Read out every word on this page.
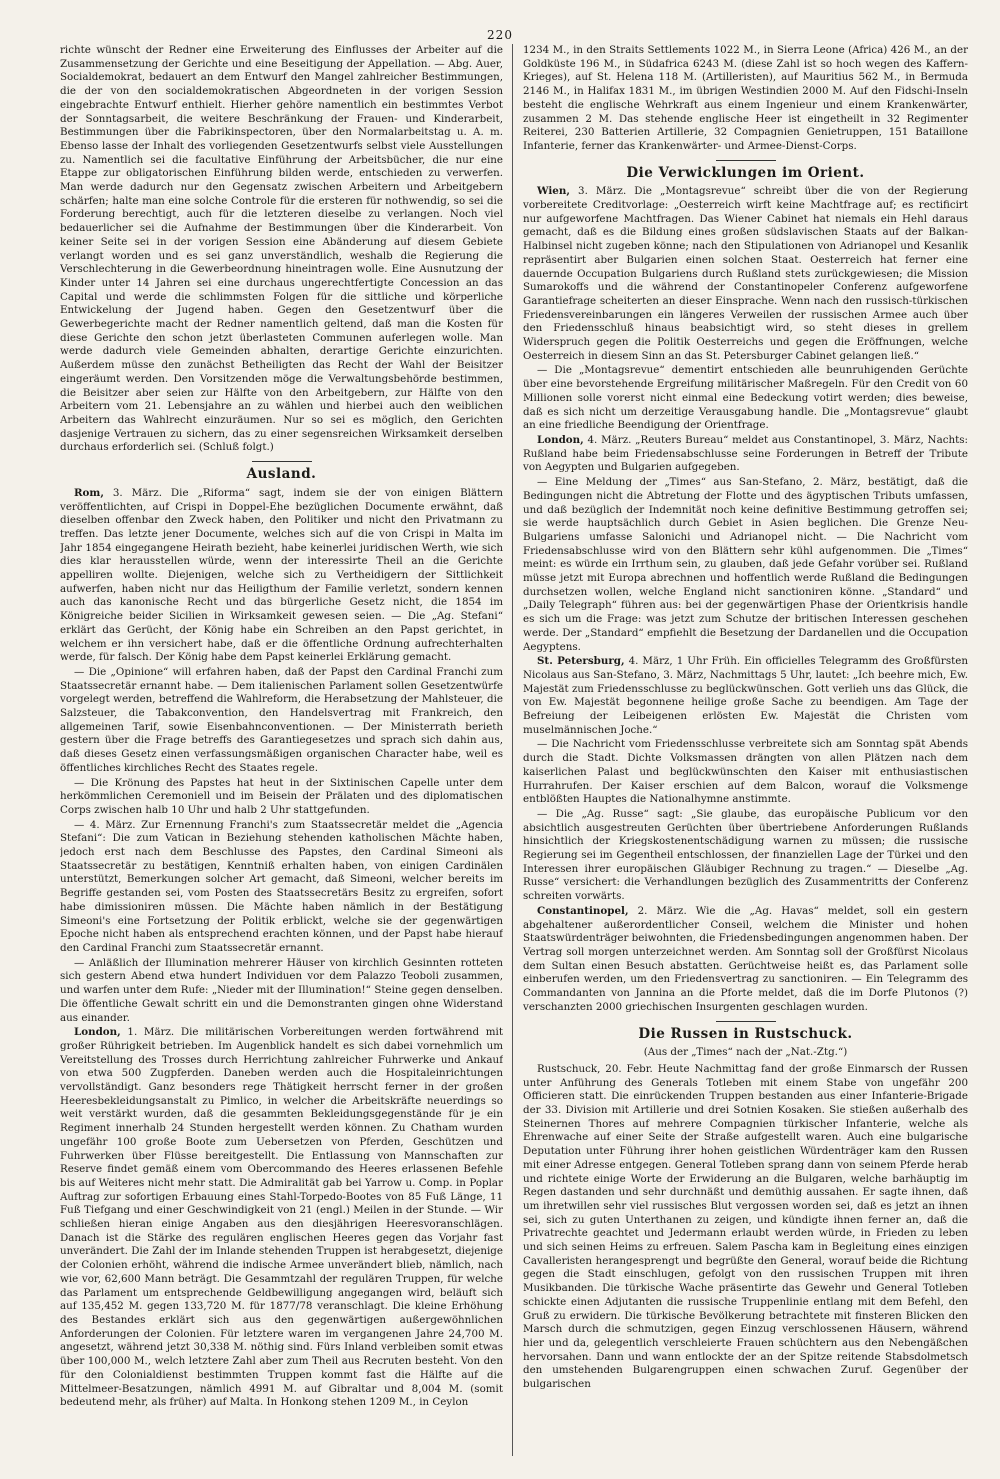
220

richte wünscht der Redner eine Erweiterung des Einflusses der Arbeiter auf die Zusammensetzung der Gerichte und eine Beseitigung der Appellation. — Abg. Auer, Socialdemokrat, bedauert an dem Entwurf den Mangel zahlreicher Bestimmungen, die der von den socialdemokratischen Abgeordneten in der vorigen Session eingebrachte Entwurf enthielt. Hierher gehöre namentlich ein bestimmtes Verbot der Sonntagsarbeit, die weitere Beschränkung der Frauen- und Kinderarbeit, Bestimmungen über die Fabrikinspectoren, über den Normalarbeitstag u. A. m. Ebenso lasse der Inhalt des vorliegenden Gesetzentwurfs selbst viele Ausstellungen zu. Namentlich sei die facultative Einführung der Arbeitsbücher, die nur eine Etappe zur obligatorischen Einführung bilden werde, entschieden zu verwerfen. Man werde dadurch nur den Gegensatz zwischen Arbeitern und Arbeitgebern schärfen; halte man eine solche Controle für die ersteren für nothwendig, so sei die Forderung berechtigt, auch für die letzteren dieselbe zu verlangen. Noch viel bedauerlicher sei die Aufnahme der Bestimmungen über die Kinderarbeit. Von keiner Seite sei in der vorigen Session eine Abänderung auf diesem Gebiete verlangt worden und es sei ganz unverständlich, weshalb die Regierung die Verschlechterung in die Gewerbeordnung hineintragen wolle. Eine Ausnutzung der Kinder unter 14 Jahren sei eine durchaus ungerechtfertigte Concession an das Capital und werde die schlimmsten Folgen für die sittliche und körperliche Entwickelung der Jugend haben. Gegen den Gesetzentwurf über die Gewerbegerichte macht der Redner namentlich geltend, daß man die Kosten für diese Gerichte den schon jetzt überlasteten Communen auferlegen wolle. Man werde dadurch viele Gemeinden abhalten, derartige Gerichte einzurichten. Außerdem müsse den zunächst Betheiligten das Recht der Wahl der Beisitzer eingeräumt werden. Den Vorsitzenden möge die Verwaltungsbehörde bestimmen, die Beisitzer aber seien zur Hälfte von den Arbeitgebern, zur Hälfte von den Arbeitern vom 21. Lebensjahre an zu wählen und hierbei auch den weiblichen Arbeitern das Wahlrecht einzuräumen. Nur so sei es möglich, den Gerichten dasjenige Vertrauen zu sichern, das zu einer segensreichen Wirksamkeit derselben durchaus erforderlich sei. (Schluß folgt.)

Ausland.

Rom, 3. März. Die „Riforma“ sagt, indem sie der von einigen Blättern veröffentlichten, auf Crispi in Doppel-Ehe bezüglichen Documente erwähnt, daß dieselben offenbar den Zweck haben, den Politiker und nicht den Privatmann zu treffen. Das letzte jener Documente, welches sich auf die von Crispi in Malta im Jahr 1854 eingegangene Heirath bezieht, habe keinerlei juridischen Werth, wie sich dies klar herausstellen würde, wenn der interessirte Theil an die Gerichte appelliren wollte. Diejenigen, welche sich zu Vertheidigern der Sittlichkeit aufwerfen, haben nicht nur das Heiligthum der Familie verletzt, sondern kennen auch das kanonische Recht und das bürgerliche Gesetz nicht, die 1854 im Königreiche beider Sicilien in Wirksamkeit gewesen seien. — Die „Ag. Stefani“ erklärt das Gerücht, der König habe ein Schreiben an den Papst gerichtet, in welchem er ihn versichert habe, daß er die öffentliche Ordnung aufrechterhalten werde, für falsch. Der König habe dem Papst keinerlei Erklärung gemacht.

— Die „Opinione“ will erfahren haben, daß der Papst den Cardinal Franchi zum Staatssecretär ernannt habe. — Dem italienischen Parlament sollen Gesetzentwürfe vorgelegt werden, betreffend die Wahlreform, die Herabsetzung der Mahlsteuer, die Salzsteuer, die Tabakconvention, den Handelsvertrag mit Frankreich, den allgemeinen Tarif, sowie Eisenbahnconventionen. — Der Ministerrath berieth gestern über die Frage betreffs des Garantiegesetzes und sprach sich dahin aus, daß dieses Gesetz einen verfassungsmäßigen organischen Character habe, weil es öffentliches kirchliches Recht des Staates regele.

— Die Krönung des Papstes hat heut in der Sixtinischen Capelle unter dem herkömmlichen Ceremoniell und im Beisein der Prälaten und des diplomatischen Corps zwischen halb 10 Uhr und halb 2 Uhr stattgefunden.

— 4. März. Zur Ernennung Franchi's zum Staatssecretär meldet die „Agencia Stefani“: Die zum Vatican in Beziehung stehenden katholischen Mächte haben, jedoch erst nach dem Beschlusse des Papstes, den Cardinal Simeoni als Staatssecretär zu bestätigen, Kenntniß erhalten haben, von einigen Cardinälen unterstützt, Bemerkungen solcher Art gemacht, daß Simeoni, welcher bereits im Begriffe gestanden sei, vom Posten des Staatssecretärs Besitz zu ergreifen, sofort habe dimissioniren müssen. Die Mächte haben nämlich in der Bestätigung Simeoni's eine Fortsetzung der Politik erblickt, welche sie der gegenwärtigen Epoche nicht haben als entsprechend erachten können, und der Papst habe hierauf den Cardinal Franchi zum Staatssecretär ernannt.

— Anläßlich der Illumination mehrerer Häuser von kirchlich Gesinnten rotteten sich gestern Abend etwa hundert Individuen vor dem Palazzo Teoboli zusammen, und warfen unter dem Rufe: „Nieder mit der Illumination!“ Steine gegen denselben. Die öffentliche Gewalt schritt ein und die Demonstranten gingen ohne Widerstand aus einander.

London, 1. März. Die militärischen Vorbereitungen werden fortwährend mit großer Rührigkeit betrieben. Im Augenblick handelt es sich dabei vornehmlich um Vereitstellung des Trosses durch Herrichtung zahlreicher Fuhrwerke und Ankauf von etwa 500 Zugpferden. Daneben werden auch die Hospitaleinrichtungen vervollständigt. Ganz besonders rege Thätigkeit herrscht ferner in der großen Heeresbekleidungsanstalt zu Pimlico, in welcher die Arbeitskräfte neuerdings so weit verstärkt wurden, daß die gesammten Bekleidungsgegenstände für je ein Regiment innerhalb 24 Stunden hergestellt werden können. Zu Chatham wurden ungefähr 100 große Boote zum Uebersetzen von Pferden, Geschützen und Fuhrwerken über Flüsse bereitgestellt. Die Entlassung von Mannschaften zur Reserve findet gemäß einem vom Obercommando des Heeres erlassenen Befehle bis auf Weiteres nicht mehr statt. Die Admiralität gab bei Yarrow u. Comp. in Poplar Auftrag zur sofortigen Erbauung eines Stahl-Torpedo-Bootes von 85 Fuß Länge, 11 Fuß Tiefgang und einer Geschwindigkeit von 21 (engl.) Meilen in der Stunde. — Wir schließen hieran einige Angaben aus den diesjährigen Heeresvoranschlägen. Danach ist die Stärke des regulären englischen Heeres gegen das Vorjahr fast unverändert. Die Zahl der im Inlande stehenden Truppen ist herabgesetzt, diejenige der Colonien erhöht, während die indische Armee unverändert blieb, nämlich, nach wie vor, 62,600 Mann beträgt. Die Gesammtzahl der regulären Truppen, für welche das Parlament um entsprechende Geldbewilligung angegangen wird, beläuft sich auf 135,452 M. gegen 133,720 M. für 1877/78 veranschlagt. Die kleine Erhöhung des Bestandes erklärt sich aus den gegenwärtigen außergewöhnlichen Anforderungen der Colonien. Für letztere waren im vergangenen Jahre 24,700 M. angesetzt, während jetzt 30,338 M. nöthig sind. Fürs Inland verbleiben somit etwas über 100,000 M., welch letztere Zahl aber zum Theil aus Recruten besteht. Von den für den Colonialdienst bestimmten Truppen kommt fast die Hälfte auf die Mittelmeer-Besatzungen, nämlich 4991 M. auf Gibraltar und 8,004 M. (somit bedeutend mehr, als früher) auf Malta. In Honkong stehen 1209 M., in Ceylon

1234 M., in den Straits Settlements 1022 M., in Sierra Leone (Africa) 426 M., an der Goldküste 196 M., in Südafrica 6243 M. (diese Zahl ist so hoch wegen des Kaffern-Krieges), auf St. Helena 118 M. (Artilleristen), auf Mauritius 562 M., in Bermuda 2146 M., in Halifax 1831 M., im übrigen Westindien 2000 M. Auf den Fidschi-Inseln besteht die englische Wehrkraft aus einem Ingenieur und einem Krankenwärter, zusammen 2 M. Das stehende englische Heer ist eingetheilt in 32 Regimenter Reiterei, 230 Batterien Artillerie, 32 Compagnien Genietruppen, 151 Bataillone Infanterie, ferner das Krankenwärter- und Armee-Dienst-Corps.

Die Verwicklungen im Orient.

Wien, 3. März. Die „Montagsrevue“ schreibt über die von der Regierung vorbereitete Creditvorlage: „Oesterreich wirft keine Machtfrage auf; es rectificirt nur aufgeworfene Machtfragen. Das Wiener Cabinet hat niemals ein Hehl daraus gemacht, daß es die Bildung eines großen südslavischen Staats auf der Balkan-Halbinsel nicht zugeben könne; nach den Stipulationen von Adrianopel und Kesanlik repräsentirt aber Bulgarien einen solchen Staat. Oesterreich hat ferner eine dauernde Occupation Bulgariens durch Rußland stets zurückgewiesen; die Mission Sumarokoffs und die während der Constantinopeler Conferenz aufgeworfene Garantiefrage scheiterten an dieser Einsprache. Wenn nach den russisch-türkischen Friedensvereinbarungen ein längeres Verweilen der russischen Armee auch über den Friedensschluß hinaus beabsichtigt wird, so steht dieses in grellem Widerspruch gegen die Politik Oesterreichs und gegen die Eröffnungen, welche Oesterreich in diesem Sinn an das St. Petersburger Cabinet gelangen ließ.“

— Die „Montagsrevue“ dementirt entschieden alle beunruhigenden Gerüchte über eine bevorstehende Ergreifung militärischer Maßregeln. Für den Credit von 60 Millionen solle vorerst nicht einmal eine Bedeckung votirt werden; dies beweise, daß es sich nicht um derzeitige Verausgabung handle. Die „Montagsrevue“ glaubt an eine friedliche Beendigung der Orientfrage.

London, 4. März. „Reuters Bureau“ meldet aus Constantinopel, 3. März, Nachts: Rußland habe beim Friedensabschlusse seine Forderungen in Betreff der Tribute von Aegypten und Bulgarien aufgegeben.

— Eine Meldung der „Times“ aus San-Stefano, 2. März, bestätigt, daß die Bedingungen nicht die Abtretung der Flotte und des ägyptischen Tributs umfassen, und daß bezüglich der Indemnität noch keine definitive Bestimmung getroffen sei; sie werde hauptsächlich durch Gebiet in Asien beglichen. Die Grenze Neu-Bulgariens umfasse Salonichi und Adrianopel nicht. — Die Nachricht vom Friedensabschlusse wird von den Blättern sehr kühl aufgenommen. Die „Times“ meint: es würde ein Irrthum sein, zu glauben, daß jede Gefahr vorüber sei. Rußland müsse jetzt mit Europa abrechnen und hoffentlich werde Rußland die Bedingungen durchsetzen wollen, welche England nicht sanctioniren könne. „Standard“ und „Daily Telegraph“ führen aus: bei der gegenwärtigen Phase der Orientkrisis handle es sich um die Frage: was jetzt zum Schutze der britischen Interessen geschehen werde. Der „Standard“ empfiehlt die Besetzung der Dardanellen und die Occupation Aegyptens.

St. Petersburg, 4. März, 1 Uhr Früh. Ein officielles Telegramm des Großfürsten Nicolaus aus San-Stefano, 3. März, Nachmittags 5 Uhr, lautet: „Ich beehre mich, Ew. Majestät zum Friedensschlusse zu beglückwünschen. Gott verlieh uns das Glück, die von Ew. Majestät begonnene heilige große Sache zu beendigen. Am Tage der Befreiung der Leibeigenen erlösten Ew. Majestät die Christen vom muselmännischen Joche.“

— Die Nachricht vom Friedensschlusse verbreitete sich am Sonntag spät Abends durch die Stadt. Dichte Volksmassen drängten von allen Plätzen nach dem kaiserlichen Palast und beglückwünschten den Kaiser mit enthusiastischen Hurrahrufen. Der Kaiser erschien auf dem Balcon, worauf die Volksmenge entblößten Hauptes die Nationalhymne anstimmte.

— Die „Ag. Russe“ sagt: „Sie glaube, das europäische Publicum vor den absichtlich ausgestreuten Gerüchten über übertriebene Anforderungen Rußlands hinsichtlich der Kriegskostenentschädigung warnen zu müssen; die russische Regierung sei im Gegentheil entschlossen, der finanziellen Lage der Türkei und den Interessen ihrer europäischen Gläubiger Rechnung zu tragen.“ — Dieselbe „Ag. Russe“ versichert: die Verhandlungen bezüglich des Zusammentritts der Conferenz schreiten vorwärts.

Constantinopel, 2. März. Wie die „Ag. Havas“ meldet, soll ein gestern abgehaltener außerordentlicher Conseil, welchem die Minister und hohen Staatswürdenträger beiwohnten, die Friedensbedingungen angenommen haben. Der Vertrag soll morgen unterzeichnet werden. Am Sonntag soll der Großfürst Nicolaus dem Sultan einen Besuch abstatten. Gerüchtweise heißt es, das Parlament solle einberufen werden, um den Friedensvertrag zu sanctioniren. — Ein Telegramm des Commandanten von Jannina an die Pforte meldet, daß die im Dorfe Plutonos (?) verschanzten 2000 griechischen Insurgenten geschlagen wurden.

Die Russen in Rustschuck.
(Aus der „Times“ nach der „Nat.-Ztg.“)

Rustschuck, 20. Febr. Heute Nachmittag fand der große Einmarsch der Russen unter Anführung des Generals Totleben mit einem Stabe von ungefähr 200 Officieren statt. Die einrückenden Truppen bestanden aus einer Infanterie-Brigade der 33. Division mit Artillerie und drei Sotnien Kosaken. Sie stießen außerhalb des Steinernen Thores auf mehrere Compagnien türkischer Infanterie, welche als Ehrenwache auf einer Seite der Straße aufgestellt waren. Auch eine bulgarische Deputation unter Führung ihrer hohen geistlichen Würdenträger kam den Russen mit einer Adresse entgegen. General Totleben sprang dann von seinem Pferde herab und richtete einige Worte der Erwiderung an die Bulgaren, welche barhäuptig im Regen dastanden und sehr durchnäßt und demüthig aussahen. Er sagte ihnen, daß um ihretwillen sehr viel russisches Blut vergossen worden sei, daß es jetzt an ihnen sei, sich zu guten Unterthanen zu zeigen, und kündigte ihnen ferner an, daß die Privatrechte geachtet und Jedermann erlaubt werden würde, in Frieden zu leben und sich seinen Heims zu erfreuen. Salem Pascha kam in Begleitung eines einzigen Cavalleristen herangesprengt und begrüßte den General, worauf beide die Richtung gegen die Stadt einschlugen, gefolgt von den russischen Truppen mit ihren Musikbanden. Die türkische Wache präsentirte das Gewehr und General Totleben schickte einen Adjutanten die russische Truppenlinie entlang mit dem Befehl, den Gruß zu erwidern. Die türkische Bevölkerung betrachtete mit finsteren Blicken den Marsch durch die schmutzigen, gegen Einzug verschlossenen Häusern, während hier und da, gelegentlich verschleierte Frauen schüchtern aus den Nebengäßchen hervorsahen. Dann und wann entlockte der an der Spitze reitende Stabsdolmetsch den umstehenden Bulgarengruppen einen schwachen Zuruf. Gegenüber der bulgarischen
